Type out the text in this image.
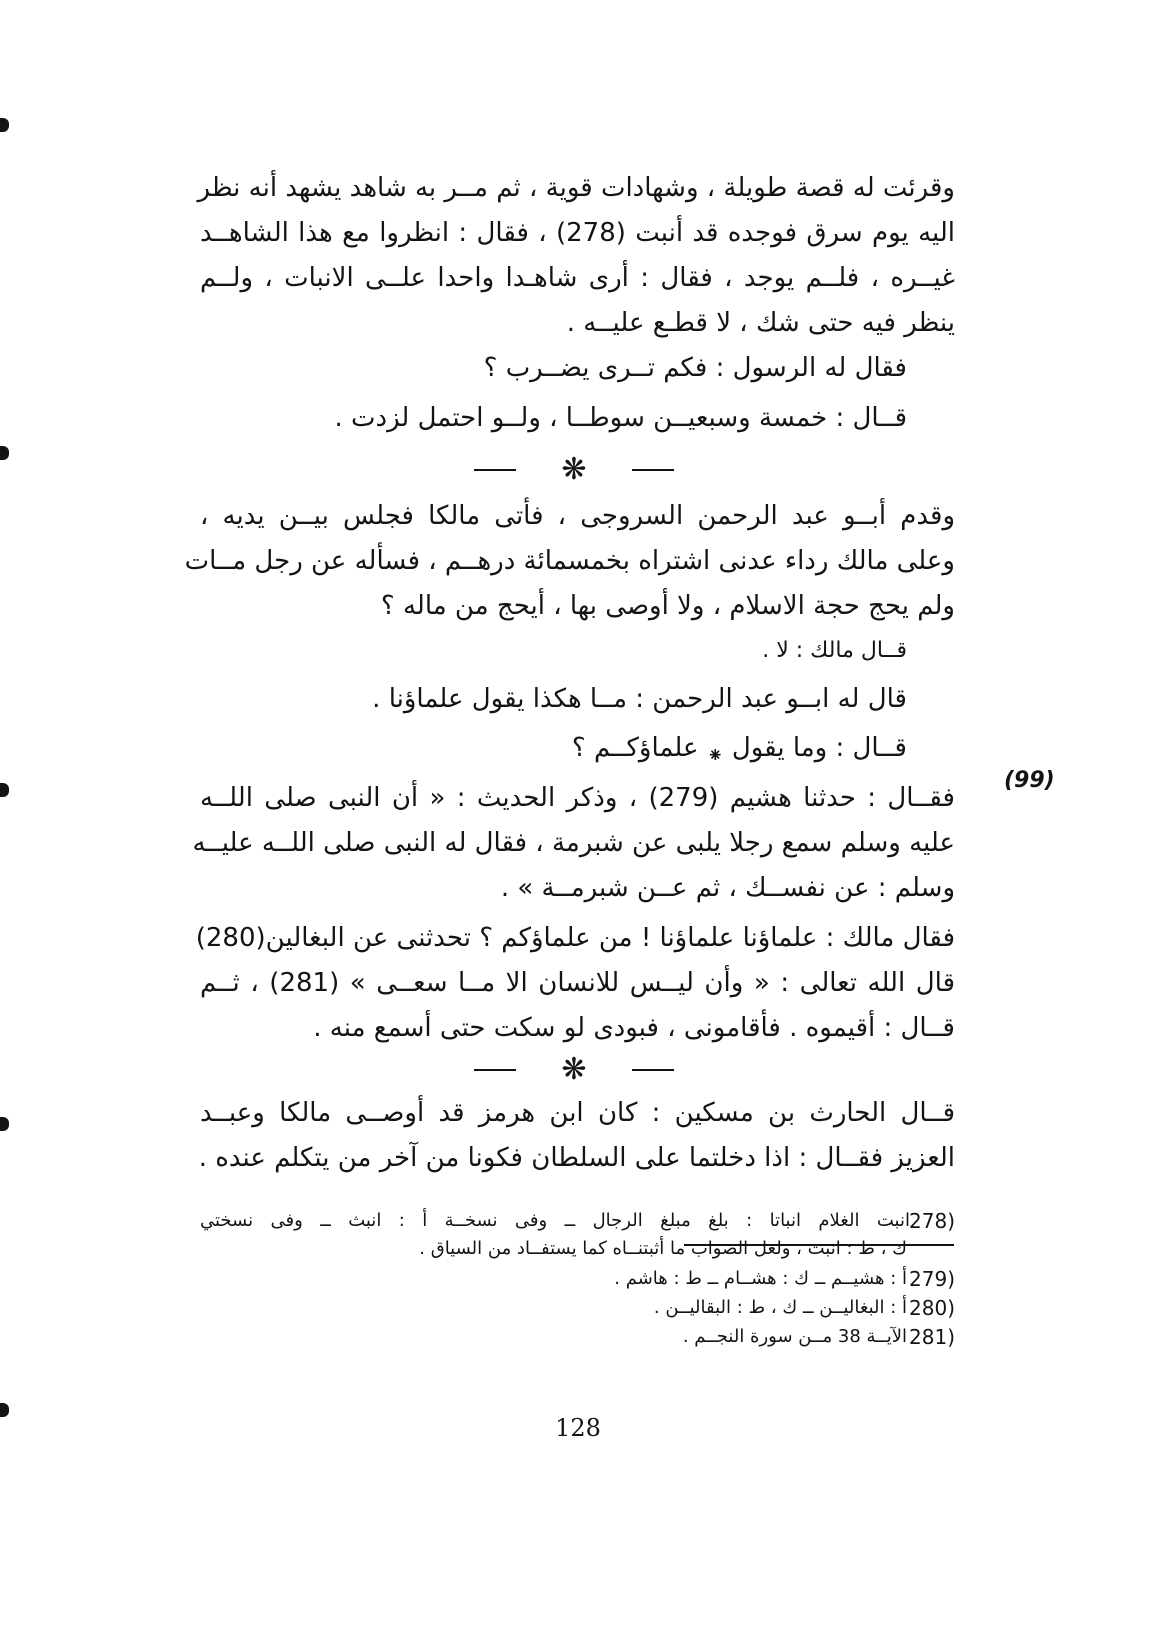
وقرئت له قصة طويلة ، وشهادات قوية ، ثم مــر به شاهد يشهد أنه نظر
اليه يوم سرق فوجده قد أنبت (278) ، فقال : انظروا مع هذا الشاهــد
غيــره ، فلــم يوجد ، فقال : أرى شاهـدا واحدا علــى الانبات ، ولــم
ينظر فيه حتى شك ، لا قطـع عليــه .
فقال له الرسول : فكم تــرى يضــرب ؟
قــال : خمسة وسبعيــن سوطــا ، ولــو احتمل لزدت .
❋
وقدم أبــو عبد الرحمن السروجى ، فأتى مالكا فجلس بيــن يديه ،
وعلى مالك رداء عدنى اشتراه بخمسمائة درهــم ، فسأله عن رجل مــات
ولم يحج حجة الاسلام ، ولا أوصى بها ، أيحج من ماله ؟
قــال مالك : لا .
قال له ابــو عبد الرحمن : مــا هكذا يقول علماؤنا .
قــال : وما يقول $_⁕$ علماؤكــم ؟
(99)
فقــال : حدثنا هشيم (279) ، وذكر الحديث : « أن النبى صلى اللــه
عليه وسلم سمع رجلا يلبى عن شبرمة ، فقال له النبى صلى اللــه عليــه
وسلم : عن نفســك ، ثم عــن شبرمــة » .
فقال مالك : علماؤنا علماؤنا ! من علماؤكم ؟ تحدثنى عن البغالين(280)
قال الله تعالى : « وأن ليــس للانسان الا مــا سعــى » (281) ، ثــم
قــال : أقيموه . فأقامونى ، فبودى لو سكت حتى أسمع منه .
❋
قــال الحارث بن مسكين : كان ابن هرمز قد أوصــى مالكا وعبــد
العزيز فقــال : اذا دخلتما على السلطان فكونا من آخر من يتكلم عنده .
278)
انبت الغلام انباتا : بلغ مبلغ الرجال ــ وفى نسخــة أ : انبث ــ وفى نسختي
ك ، ط : انبت ، ولعل الصواب ما أثبتنــاه كما يستفــاد من السياق .
279)
أ : هشيــم ــ ك : هشــام ــ ط : هاشم .
280)
أ : البغاليــن ــ ك ، ط : البقاليــن .
281)
الآيــة 38 مــن سورة النجــم .
128
